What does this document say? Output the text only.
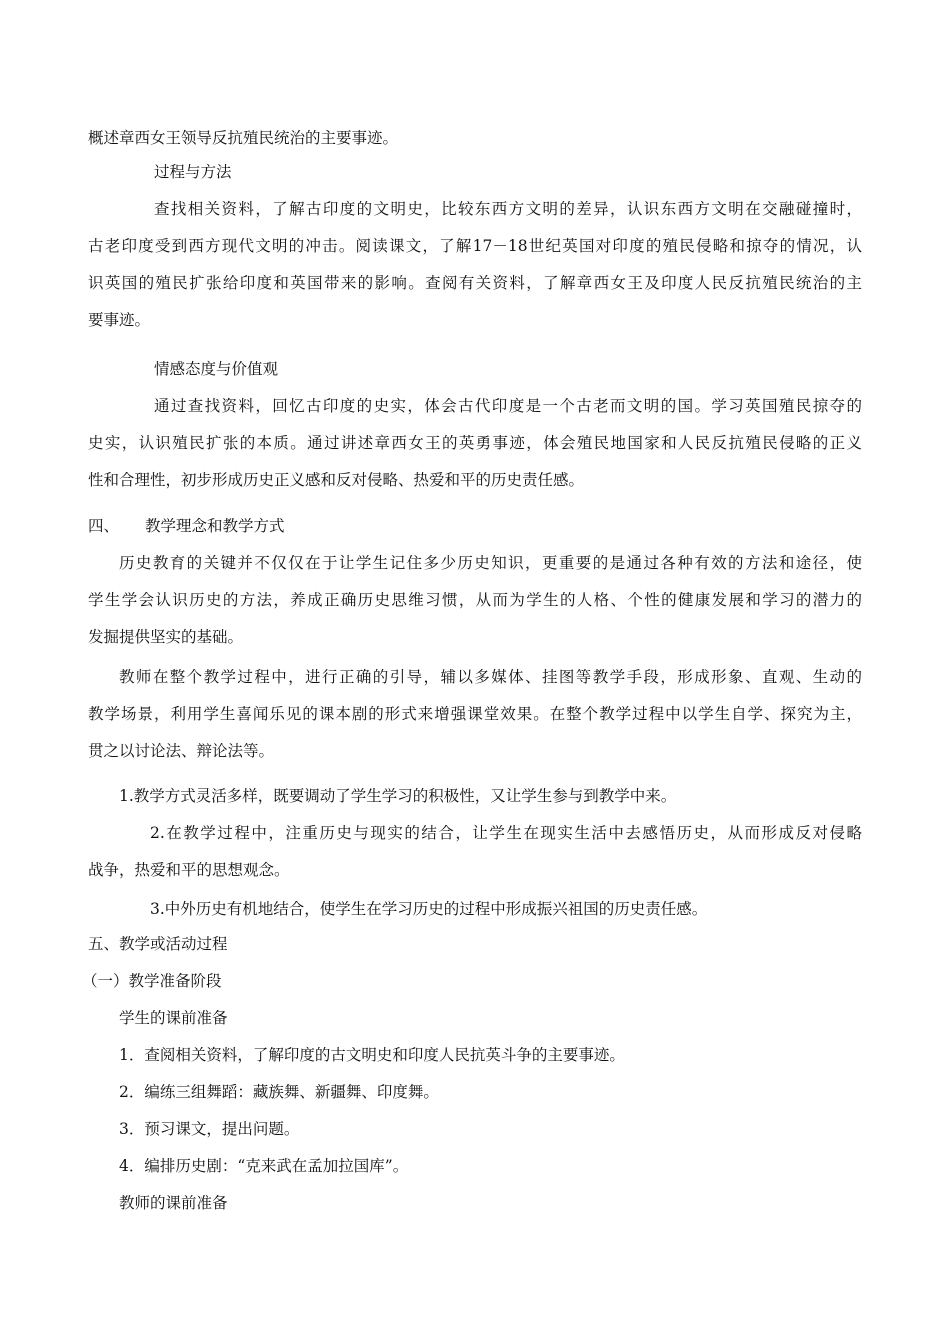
概述章西女王领导反抗殖民统治的主要事迹。
过程与方法
查找相关资料，了解古印度的文明史，比较东西方文明的差异，认识东西方文明在交融碰撞时，
古老印度受到西方现代文明的冲击。阅读课文，了解17－18世纪英国对印度的殖民侵略和掠夺的情况，认
识英国的殖民扩张给印度和英国带来的影响。查阅有关资料，了解章西女王及印度人民反抗殖民统治的主
要事迹。
情感态度与价值观
通过查找资料，回忆古印度的史实，体会古代印度是一个古老而文明的国。学习英国殖民掠夺的
史实，认识殖民扩张的本质。通过讲述章西女王的英勇事迹，体会殖民地国家和人民反抗殖民侵略的正义
性和合理性，初步形成历史正义感和反对侵略、热爱和平的历史责任感。
四、 教学理念和教学方式
历史教育的关键并不仅仅在于让学生记住多少历史知识，更重要的是通过各种有效的方法和途径，使
学生学会认识历史的方法，养成正确历史思维习惯，从而为学生的人格、个性的健康发展和学习的潜力的
发掘提供坚实的基础。
教师在整个教学过程中，进行正确的引导，辅以多媒体、挂图等教学手段，形成形象、直观、生动的
教学场景，利用学生喜闻乐见的课本剧的形式来增强课堂效果。在整个教学过程中以学生自学、探究为主，
贯之以讨论法、辩论法等。
1.教学方式灵活多样，既要调动了学生学习的积极性，又让学生参与到教学中来。
2.在教学过程中，注重历史与现实的结合，让学生在现实生活中去感悟历史，从而形成反对侵略
战争，热爱和平的思想观念。
3.中外历史有机地结合，使学生在学习历史的过程中形成振兴祖国的历史责任感。
五、教学或活动过程
（一）教学准备阶段
学生的课前准备
1．查阅相关资料，了解印度的古文明史和印度人民抗英斗争的主要事迹。
2．编练三组舞蹈：藏族舞、新疆舞、印度舞。
3．预习课文，提出问题。
4．编排历史剧：“克来武在孟加拉国库”。
教师的课前准备
